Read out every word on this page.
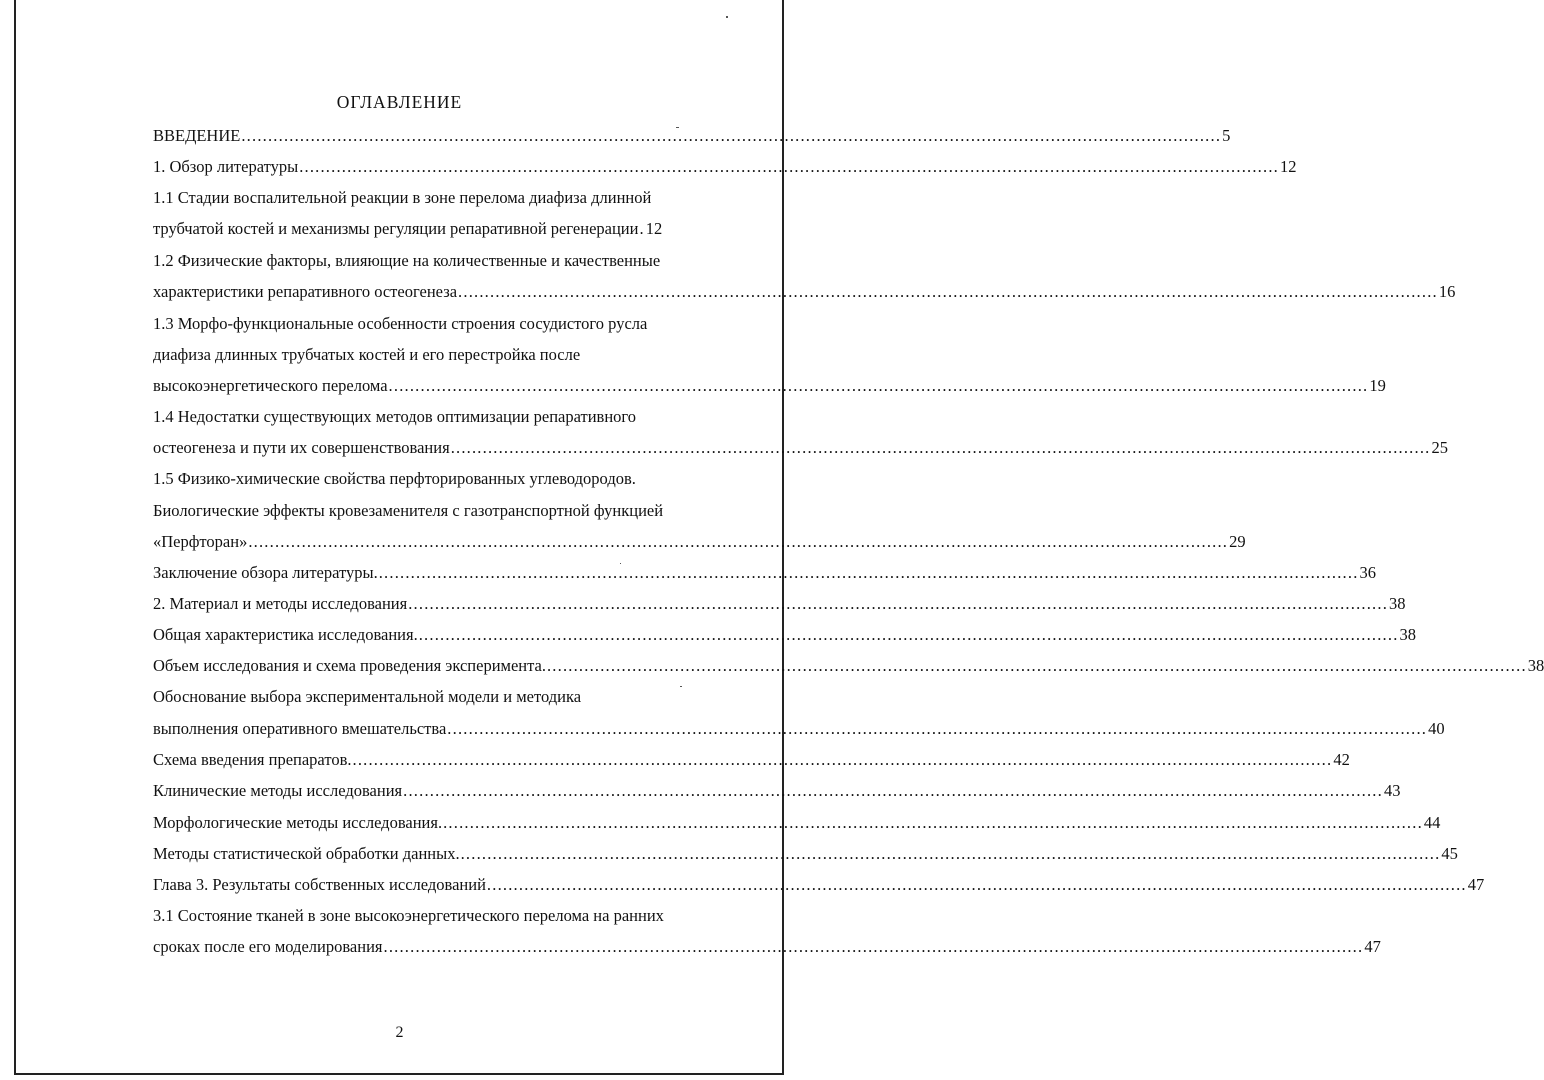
ОГЛАВЛЕНИЕ
ВВЕДЕНИЕ .....	5
1. Обзор литературы .....	12
1.1 Стадии воспалительной реакции в зоне перелома диафиза длинной
трубчатой костей и механизмы регуляции репаративной регенерации . 12
1.2 Физические факторы, влияющие на количественные и качественные
характеристики репаративного остеогенеза .....	16
1.3 Морфо-функциональные особенности строения сосудистого русла
диафиза длинных трубчатых костей и его перестройка после
высокоэнергетического перелома .....	19
1.4 Недостатки существующих методов оптимизации репаративного
остеогенеза и пути их совершенствования .....	25
1.5 Физико-химические свойства перфторированных углеводородов.
Биологические эффекты кровезаменителя с газотранспортной функцией
«Перфторан» .....	29
Заключение обзора литературы. .....	36
2. Материал и методы исследования .....	38
Общая характеристика исследования. .....	38
Объем исследования и схема проведения эксперимента. .....	38
Обоснование выбора экспериментальной модели и методика
выполнения оперативного вмешательства .....	40
Схема введения препаратов. .....	42
Клинические методы исследования .....	43
Морфологические методы исследования. .....	44
Методы статистической обработки данных. .....	45
Глава 3. Результаты собственных исследований .....	47
3.1 Состояние тканей в зоне высокоэнергетического перелома на ранних
сроках после его моделирования .....	47
2
